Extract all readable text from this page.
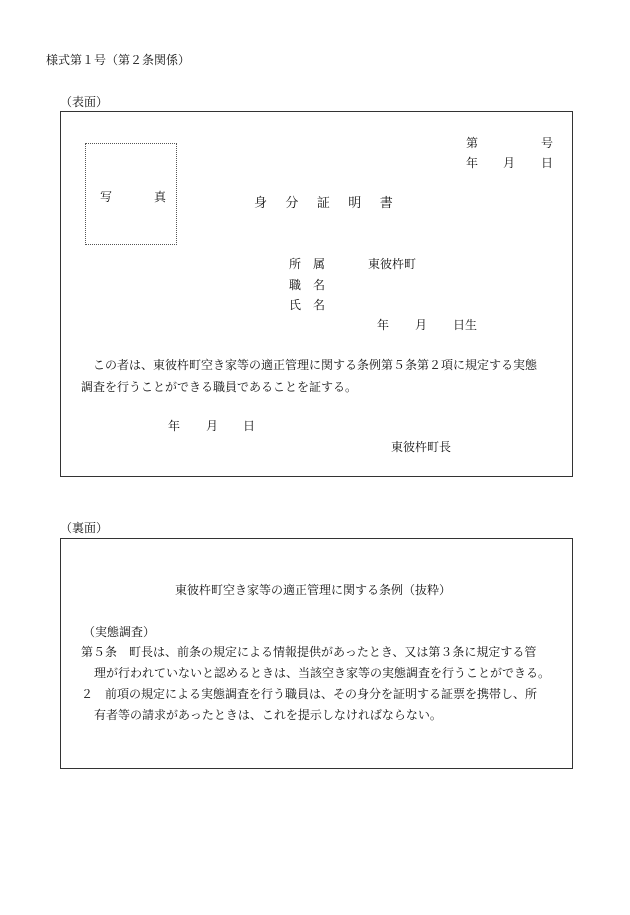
様式第１号（第２条関係）
（表面）
第	号
年 月 日
写	真	身 分 証 明 書
所　属	東彼杵町
職　名
氏　名
年 月 日生
この者は、東彼杵町空き家等の適正管理に関する条例第５条第２項に規定する実態
調査を行うことができる職員であることを証する。
年 月 日
東彼杵町長
（裏面）
東彼杵町空き家等の適正管理に関する条例（抜粋）
（実態調査）
第５条　町長は、前条の規定による情報提供があったとき、又は第３条に規定する管
理が行われていないと認めるときは、当該空き家等の実態調査を行うことができる。
２　前項の規定による実態調査を行う職員は、その身分を証明する証票を携帯し、所
有者等の請求があったときは、これを提示しなければならない。
